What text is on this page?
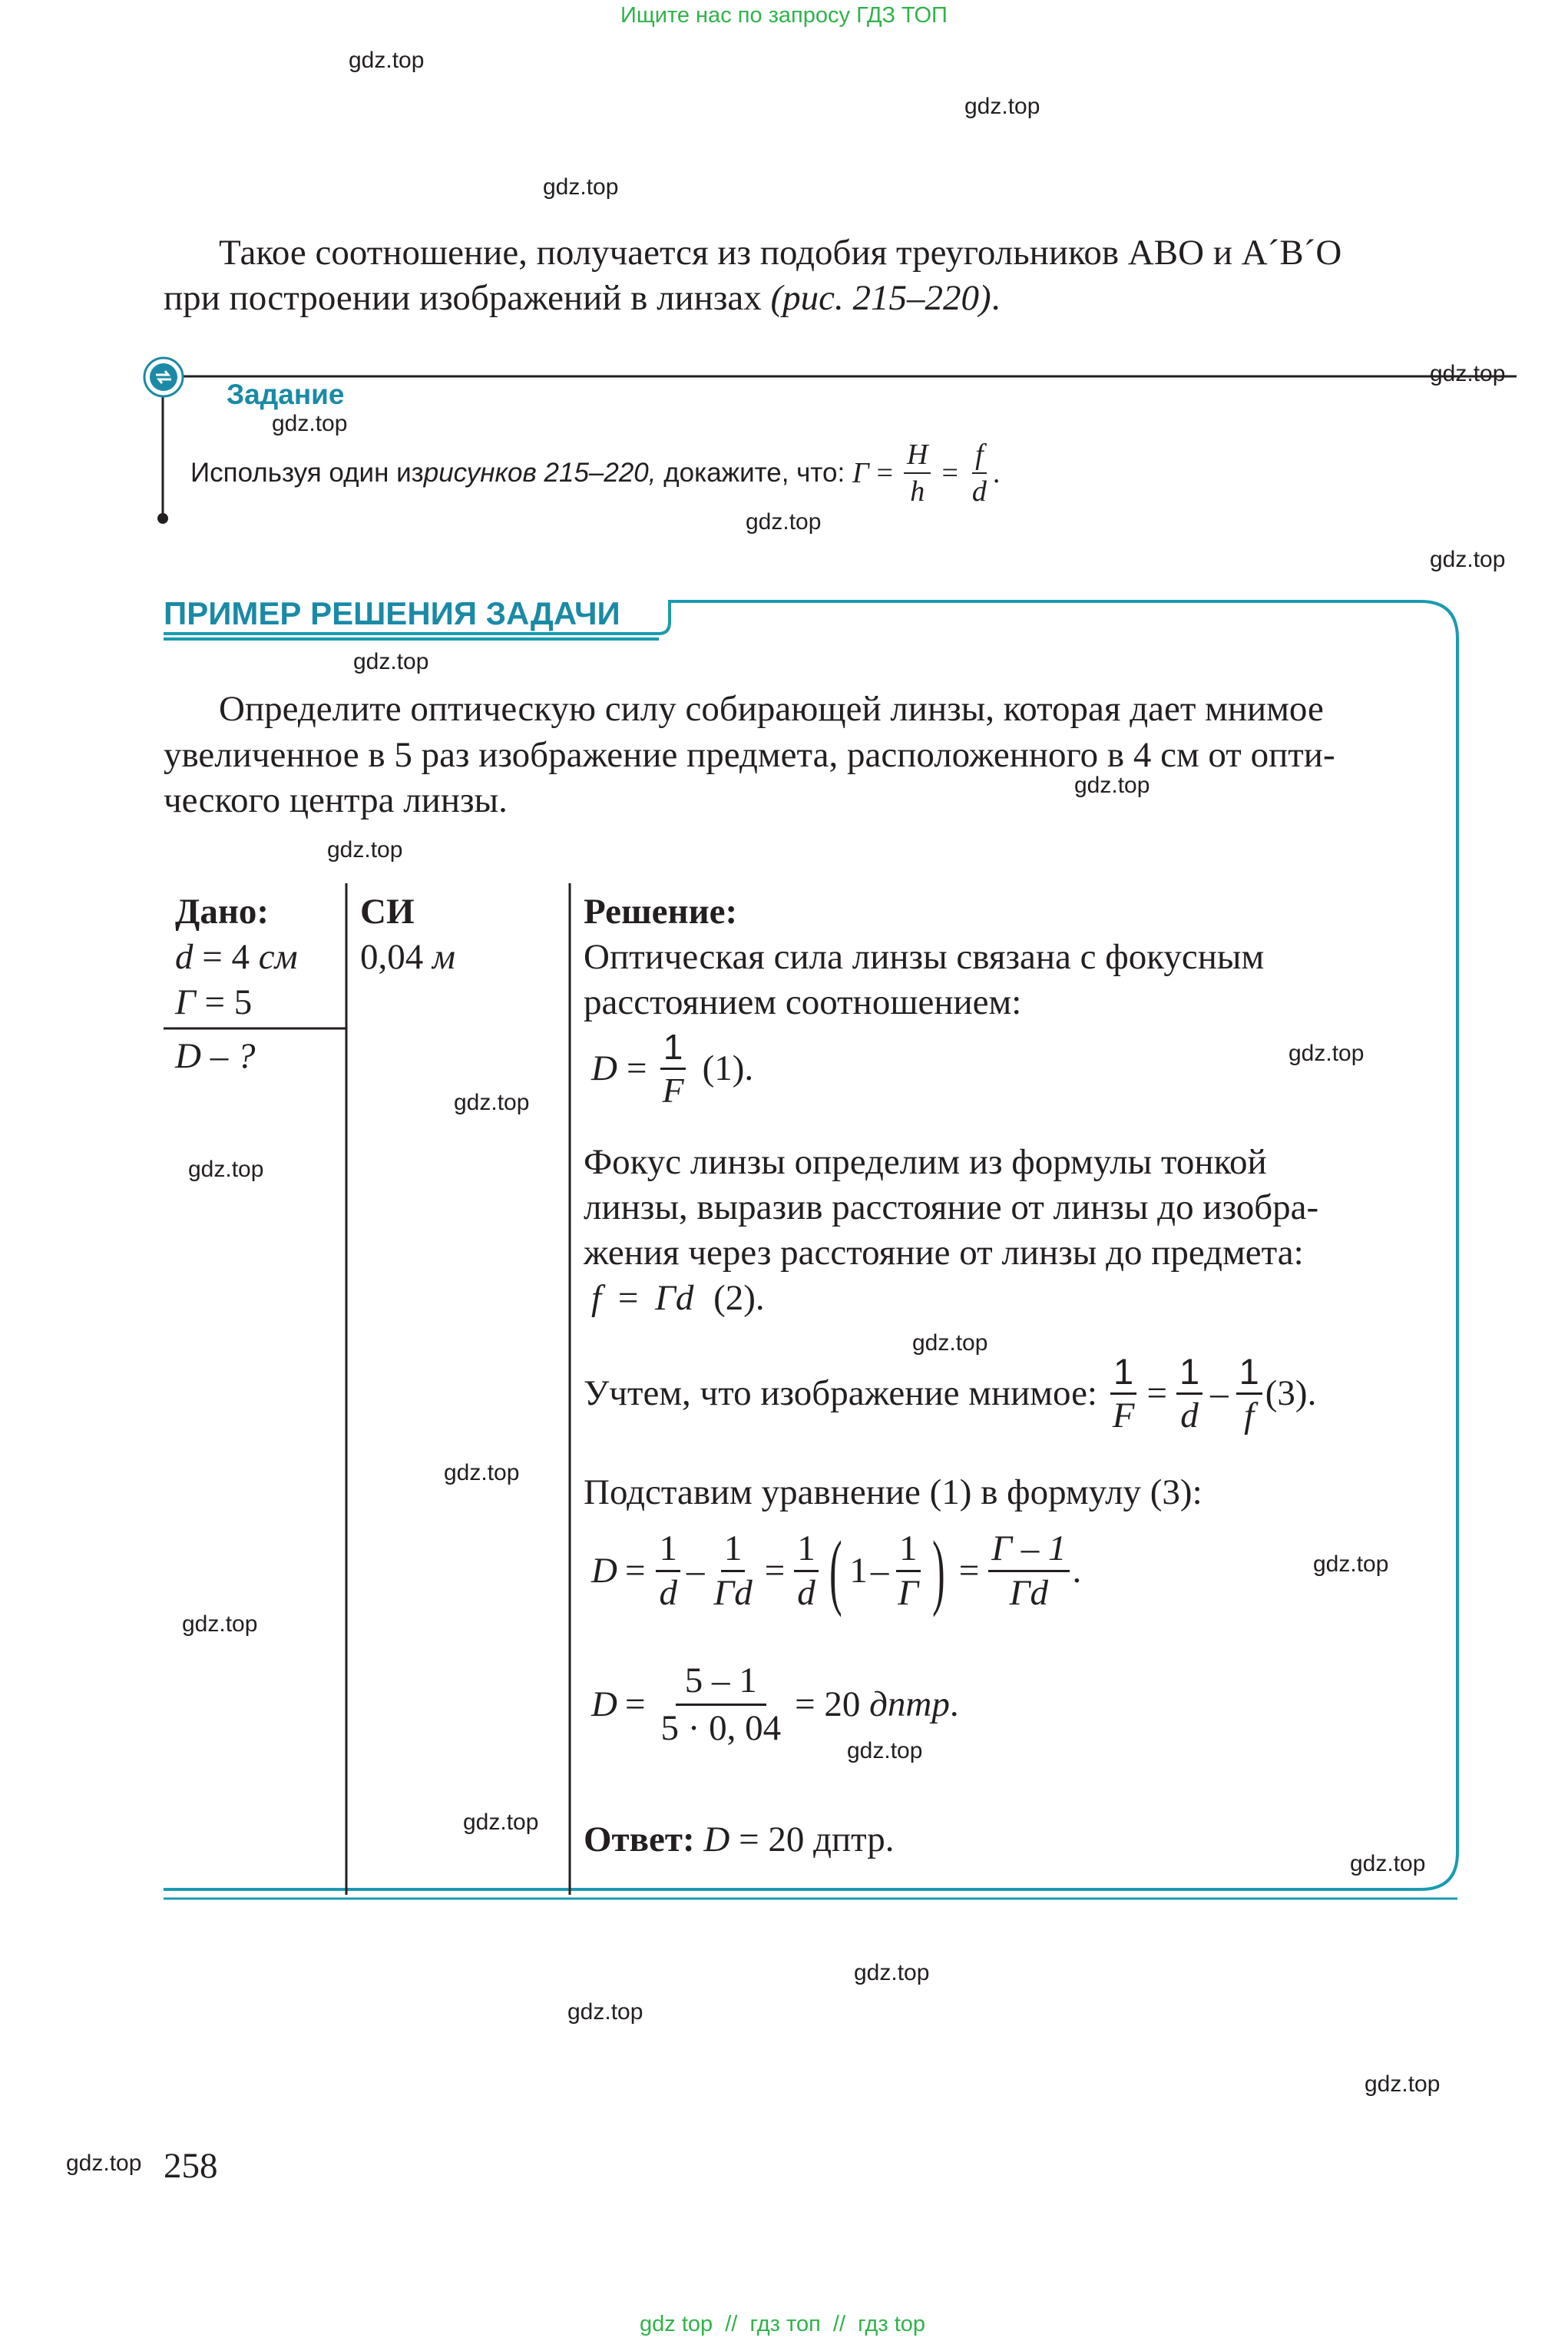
Ищите нас по запросу ГДЗ ТОП
gdz.top
gdz.top
gdz.top
gdz.top
gdz.top
gdz.top
gdz.top
gdz.top
gdz.top
gdz.top
gdz.top
gdz.top
gdz.top
gdz.top
gdz.top
gdz.top
gdz.top
gdz.top
gdz.top
gdz.top
gdz.top
gdz.top
gdz.top
gdz.top
Такое соотношение, получается из подобия треугольников АВО и А´В´О
при построении изображений в линзах (рис. 215–220).
Задание
Используя один из рисунков 215–220, докажите, что: $Г = \frac{H}{h} = \frac{f}{d}$ .
ПРИМЕР РЕШЕНИЯ ЗАДАЧИ
Определите оптическую силу собирающей линзы, которая дает мнимое
увеличенное в 5 раз изображение предмета, расположенного в 4 см от опти-
ческого центра линзы.
Дано:
d = 4 см
Г = 5
D – ?
СИ
0,04 м
Решение:
Оптическая сила линзы связана с фокусным
расстоянием соотношением:
$D = \frac{1}{F} (1)$.
Фокус линзы определим из формулы тонкой
линзы, выразив расстояние от линзы до изобра-
жения через расстояние от линзы до предмета:
f = Гd (2).
Учтем, что изображение мнимое: $\frac{1}{F} = \frac{1}{d} - \frac{1}{f} (3)$.
Подставим уравнение (1) в формулу (3):
$D = \frac{1}{d} - \frac{1}{Гd} = \frac{1}{d}$ ( $1 - \frac{1}{Г}$ ) = $\frac{Г - 1}{Гd}$ .
$D = \frac{5 - 1}{5 \cdot 0, 04} = 20$ дптр .
Ответ: D = 20 дптр.
258
gdz top  //  гдз топ  //  гдз top
